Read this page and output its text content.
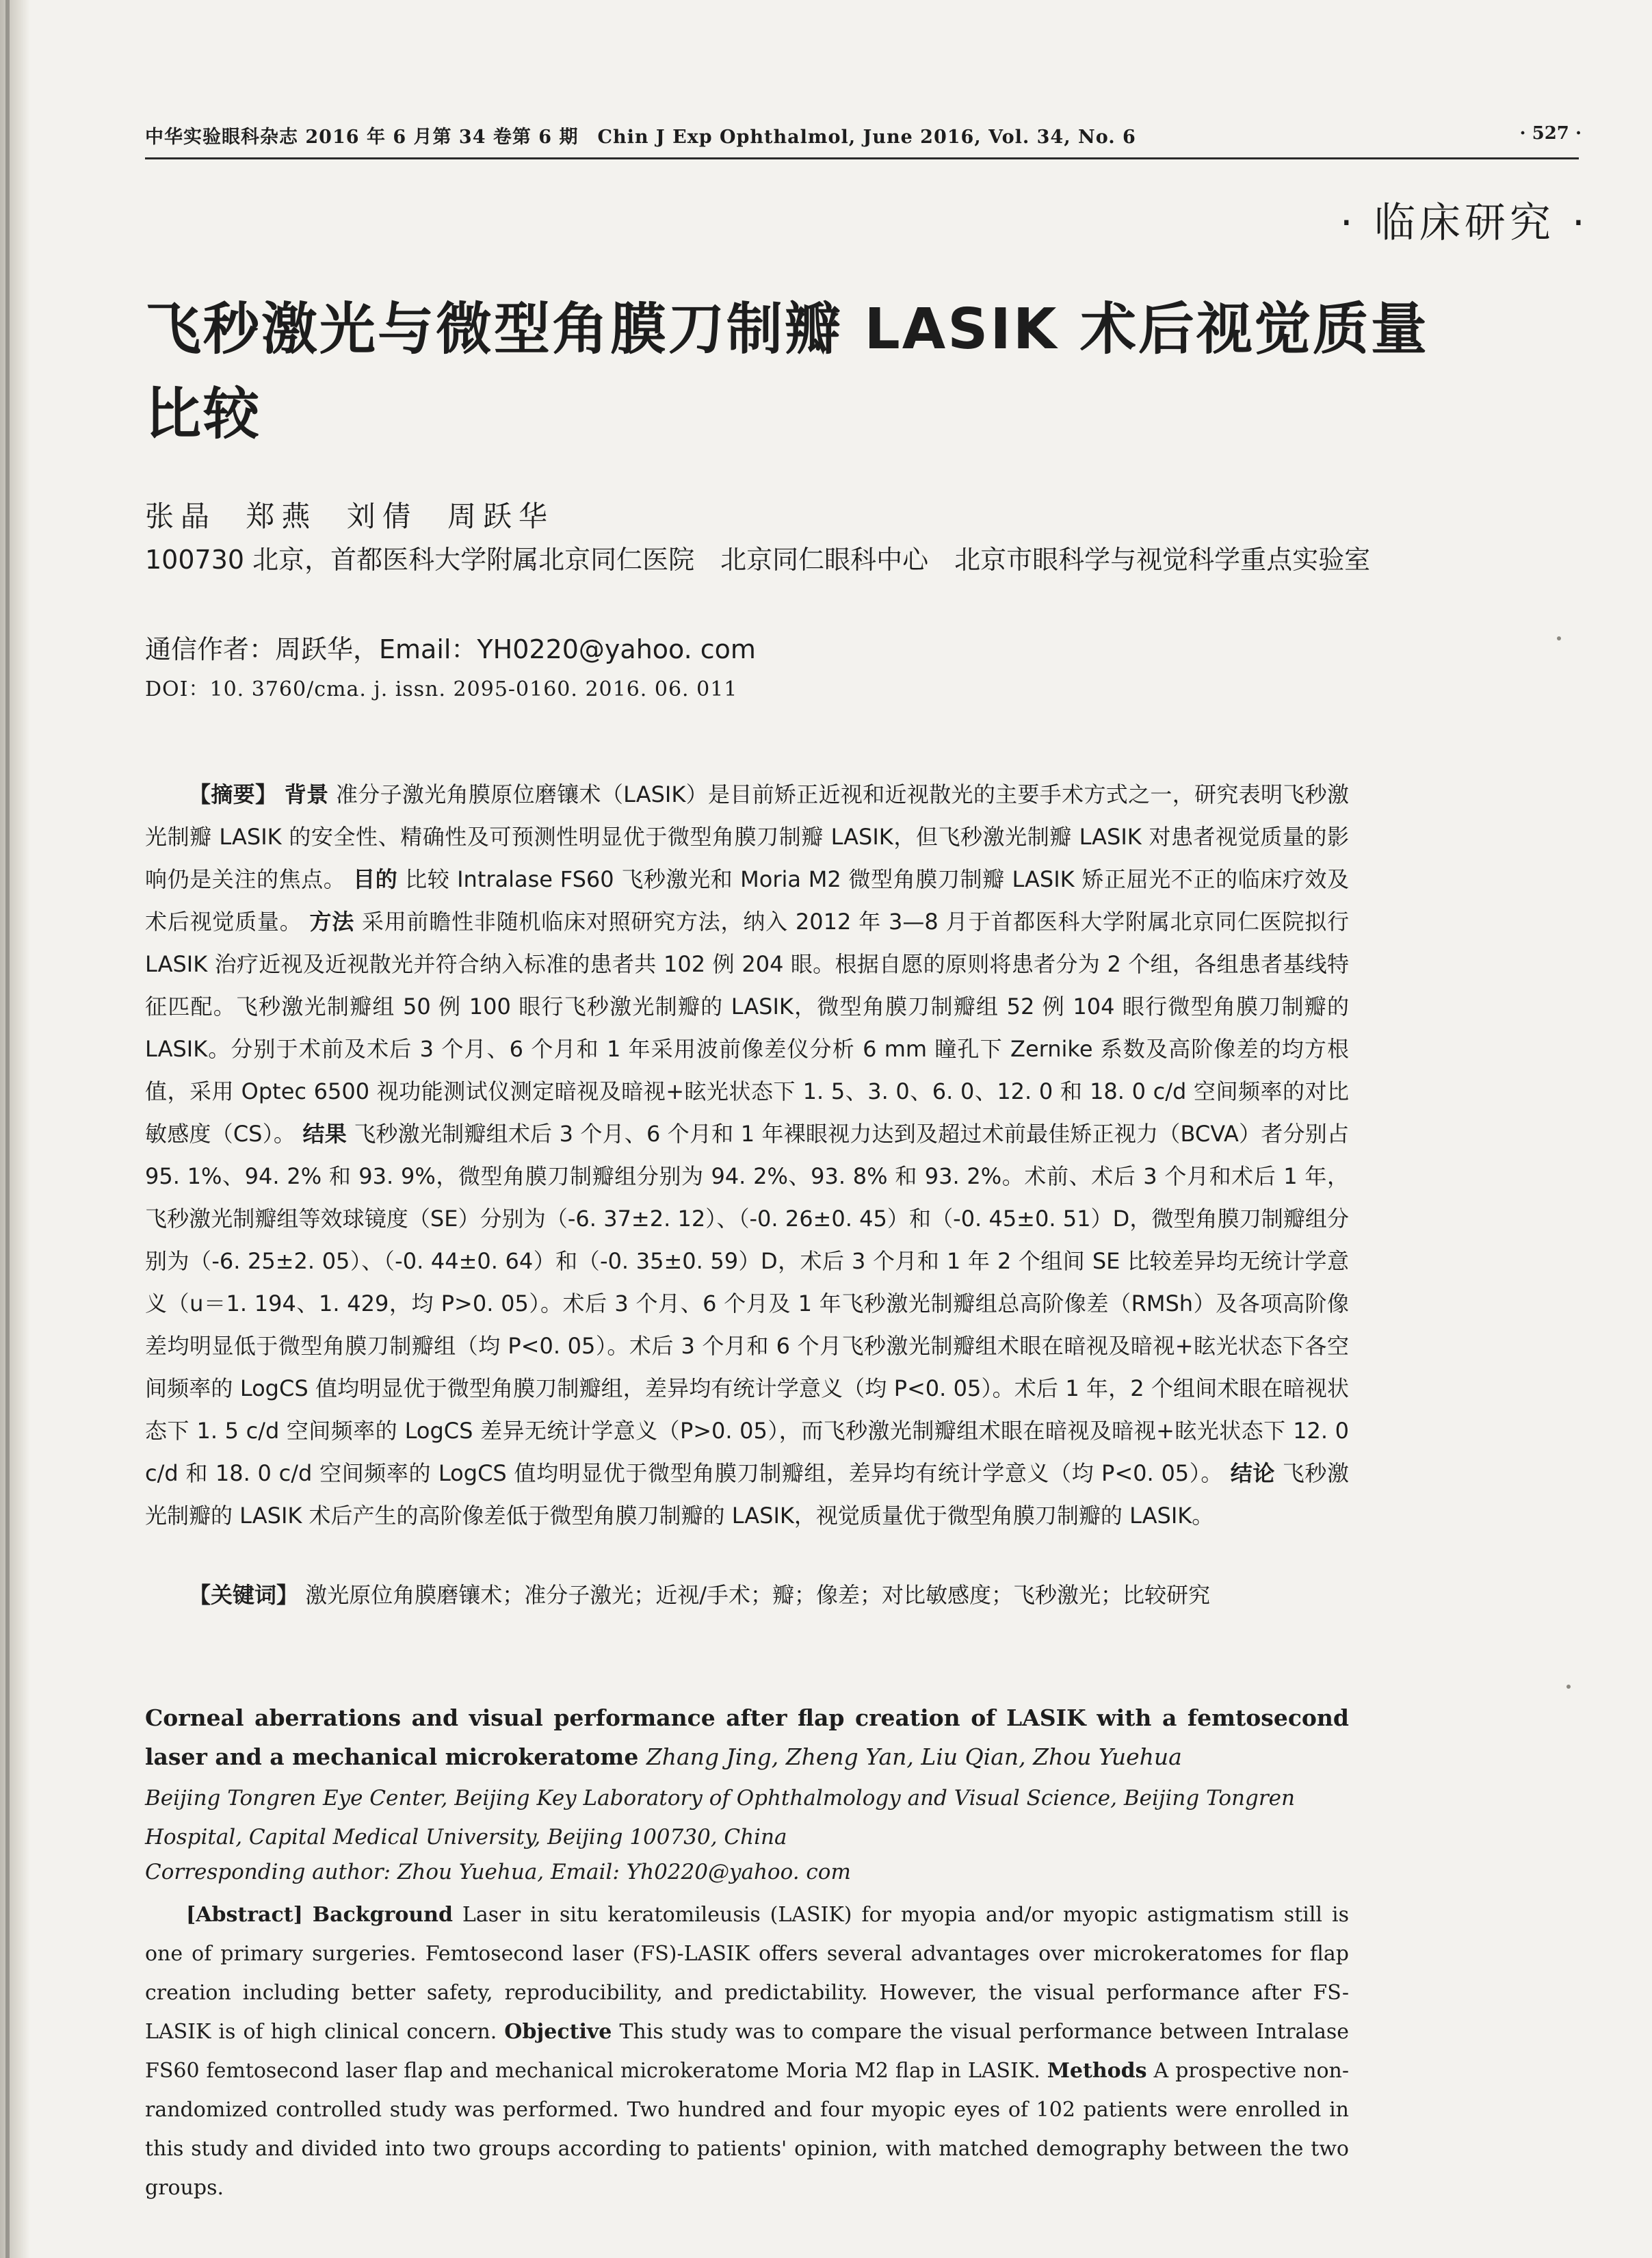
中华实验眼科杂志 2016 年 6 月第 34 卷第 6 期　Chin J Exp Ophthalmol, June 2016, Vol. 34, No. 6	· 527 ·
· 临床研究 ·
飞秒激光与微型角膜刀制瓣 LASIK 术后视觉质量比较
张晶 郑燕 刘倩 周跃华
100730 北京，首都医科大学附属北京同仁医院　北京同仁眼科中心　北京市眼科学与视觉科学重点实验室
通信作者：周跃华，Email：YH0220@yahoo. com
DOI：10. 3760/cma. j. issn. 2095-0160. 2016. 06. 011

【摘要】 背景 准分子激光角膜原位磨镶术（LASIK）是目前矫正近视和近视散光的主要手术方式之一，研究表明飞秒激光制瓣 LASIK 的安全性、精确性及可预测性明显优于微型角膜刀制瓣 LASIK，但飞秒激光制瓣 LASIK 对患者视觉质量的影响仍是关注的焦点。 目的 比较 Intralase FS60 飞秒激光和 Moria M2 微型角膜刀制瓣 LASIK 矫正屈光不正的临床疗效及术后视觉质量。 方法 采用前瞻性非随机临床对照研究方法，纳入 2012 年 3—8 月于首都医科大学附属北京同仁医院拟行 LASIK 治疗近视及近视散光并符合纳入标准的患者共 102 例 204 眼。根据自愿的原则将患者分为 2 个组，各组患者基线特征匹配。飞秒激光制瓣组 50 例 100 眼行飞秒激光制瓣的 LASIK，微型角膜刀制瓣组 52 例 104 眼行微型角膜刀制瓣的 LASIK。分别于术前及术后 3 个月、6 个月和 1 年采用波前像差仪分析 6 mm 瞳孔下 Zernike 系数及高阶像差的均方根值，采用 Optec 6500 视功能测试仪测定暗视及暗视+眩光状态下 1. 5、3. 0、6. 0、12. 0 和 18. 0 c/d 空间频率的对比敏感度（CS）。 结果 飞秒激光制瓣组术后 3 个月、6 个月和 1 年裸眼视力达到及超过术前最佳矫正视力（BCVA）者分别占 95. 1%、94. 2% 和 93. 9%，微型角膜刀制瓣组分别为 94. 2%、93. 8% 和 93. 2%。术前、术后 3 个月和术后 1 年，飞秒激光制瓣组等效球镜度（SE）分别为（-6. 37±2. 12）、（-0. 26±0. 45）和（-0. 45±0. 51）D，微型角膜刀制瓣组分别为（-6. 25±2. 05）、（-0. 44±0. 64）和（-0. 35±0. 59）D，术后 3 个月和 1 年 2 个组间 SE 比较差异均无统计学意义（u＝1. 194、1. 429，均 P>0. 05）。术后 3 个月、6 个月及 1 年飞秒激光制瓣组总高阶像差（RMSh）及各项高阶像差均明显低于微型角膜刀制瓣组（均 P<0. 05）。术后 3 个月和 6 个月飞秒激光制瓣组术眼在暗视及暗视+眩光状态下各空间频率的 LogCS 值均明显优于微型角膜刀制瓣组，差异均有统计学意义（均 P<0. 05）。术后 1 年，2 个组间术眼在暗视状态下 1. 5 c/d 空间频率的 LogCS 差异无统计学意义（P>0. 05），而飞秒激光制瓣组术眼在暗视及暗视+眩光状态下 12. 0 c/d 和 18. 0 c/d 空间频率的 LogCS 值均明显优于微型角膜刀制瓣组，差异均有统计学意义（均 P<0. 05）。 结论 飞秒激光制瓣的 LASIK 术后产生的高阶像差低于微型角膜刀制瓣的 LASIK，视觉质量优于微型角膜刀制瓣的 LASIK。

【关键词】 激光原位角膜磨镶术；准分子激光；近视/手术；瓣；像差；对比敏感度；飞秒激光；比较研究

Corneal aberrations and visual performance after flap creation of LASIK with a femtosecond laser and a mechanical microkeratome Zhang Jing, Zheng Yan, Liu Qian, Zhou Yuehua

Beijing Tongren Eye Center, Beijing Key Laboratory of Ophthalmology and Visual Science, Beijing Tongren Hospital, Capital Medical University, Beijing 100730, China

Corresponding author: Zhou Yuehua, Email: Yh0220@yahoo. com

[Abstract] Background Laser in situ keratomileusis (LASIK) for myopia and/or myopic astigmatism still is one of primary surgeries. Femtosecond laser (FS)-LASIK offers several advantages over microkeratomes for flap creation including better safety, reproducibility, and predictability. However, the visual performance after FS-LASIK is of high clinical concern. Objective This study was to compare the visual performance between Intralase FS60 femtosecond laser flap and mechanical microkeratome Moria M2 flap in LASIK. Methods A prospective non-randomized controlled study was performed. Two hundred and four myopic eyes of 102 patients were enrolled in this study and divided into two groups according to patients' opinion, with matched demography between the two groups.
